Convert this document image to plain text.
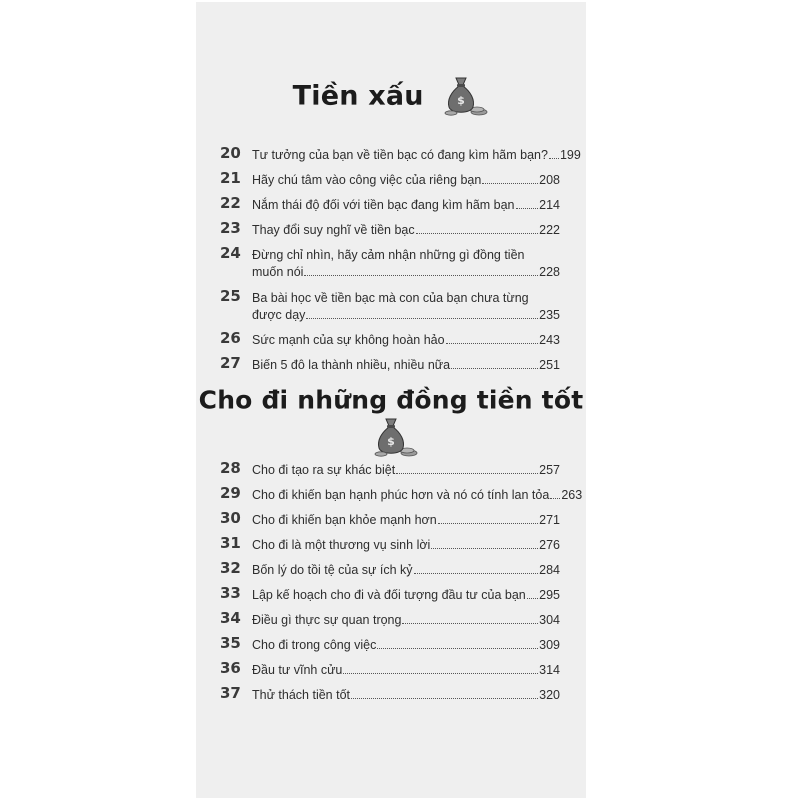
Tiền xấu	$
20 Tư tưởng của bạn về tiền bạc có đang kìm hãm bạn? 199
21 Hãy chú tâm vào công việc của riêng bạn	208
22 Nắm thái độ đối với tiền bạc đang kìm hãm bạn 214
23 Thay đổi suy nghĩ về tiền bạc	222
24 Đừng chỉ nhìn, hãy cảm nhận những gì đồng tiền
muốn nói	228
25 Ba bài học về tiền bạc mà con của bạn chưa từng
được dạy	235
26 Sức mạnh của sự không hoàn hảo	243
27 Biến 5 đô la thành nhiều, nhiều nữa	251
Cho đi những đồng tiền tốt
$
28 Cho đi tạo ra sự khác biệt	257
29 Cho đi khiến bạn hạnh phúc hơn và nó có tính lan tỏa 263
30 Cho đi khiến bạn khỏe mạnh hơn	271
31 Cho đi là một thương vụ sinh lời	276
32 Bốn lý do tồi tệ của sự ích kỷ	284
33 Lập kế hoạch cho đi và đối tượng đầu tư của bạn 295
34 Điều gì thực sự quan trọng	304
35 Cho đi trong công việc	309
36 Đầu tư vĩnh cửu	314
37 Thử thách tiền tốt	320
